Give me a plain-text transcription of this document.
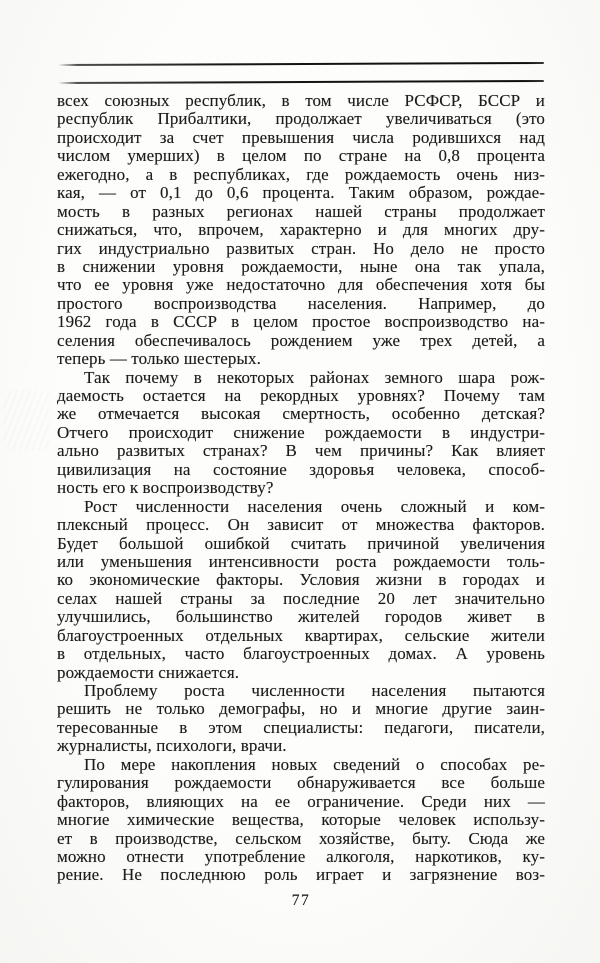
всех союзных республик, в том числе РСФСР, БССР и
республик Прибалтики, продолжает увеличиваться (это
происходит за счет превышения числа родившихся над
числом умерших) в целом по стране на 0,8 процента
ежегодно, а в республиках, где рождаемость очень низ-
кая, — от 0,1 до 0,6 процента. Таким образом, рождае-
мость в разных регионах нашей страны продолжает
снижаться, что, впрочем, характерно и для многих дру-
гих индустриально развитых стран. Но дело не просто
в снижении уровня рождаемости, ныне она так упала,
что ее уровня уже недостаточно для обеспечения хотя бы
простого воспроизводства населения. Например, до
1962 года в СССР в целом простое воспроизводство на-
селения обеспечивалось рождением уже трех детей, а
теперь — только шестерых.
Так почему в некоторых районах земного шара рож-
даемость остается на рекордных уровнях? Почему там
же отмечается высокая смертность, особенно детская?
Отчего происходит снижение рождаемости в индустри-
ально развитых странах? В чем причины? Как влияет
цивилизация на состояние здоровья человека, способ-
ность его к воспроизводству?
Рост численности населения очень сложный и ком-
плексный процесс. Он зависит от множества факторов.
Будет большой ошибкой считать причиной увеличения
или уменьшения интенсивности роста рождаемости толь-
ко экономические факторы. Условия жизни в городах и
селах нашей страны за последние 20 лет значительно
улучшились, большинство жителей городов живет в
благоустроенных отдельных квартирах, сельские жители
в отдельных, часто благоустроенных домах. А уровень
рождаемости снижается.
Проблему роста численности населения пытаются
решить не только демографы, но и многие другие заин-
тересованные в этом специалисты: педагоги, писатели,
журналисты, психологи, врачи.
По мере накопления новых сведений о способах ре-
гулирования рождаемости обнаруживается все больше
факторов, влияющих на ее ограничение. Среди них —
многие химические вещества, которые человек использу-
ет в производстве, сельском хозяйстве, быту. Сюда же
можно отнести употребление алкоголя, наркотиков, ку-
рение. Не последнюю роль играет и загрязнение воз-
77
